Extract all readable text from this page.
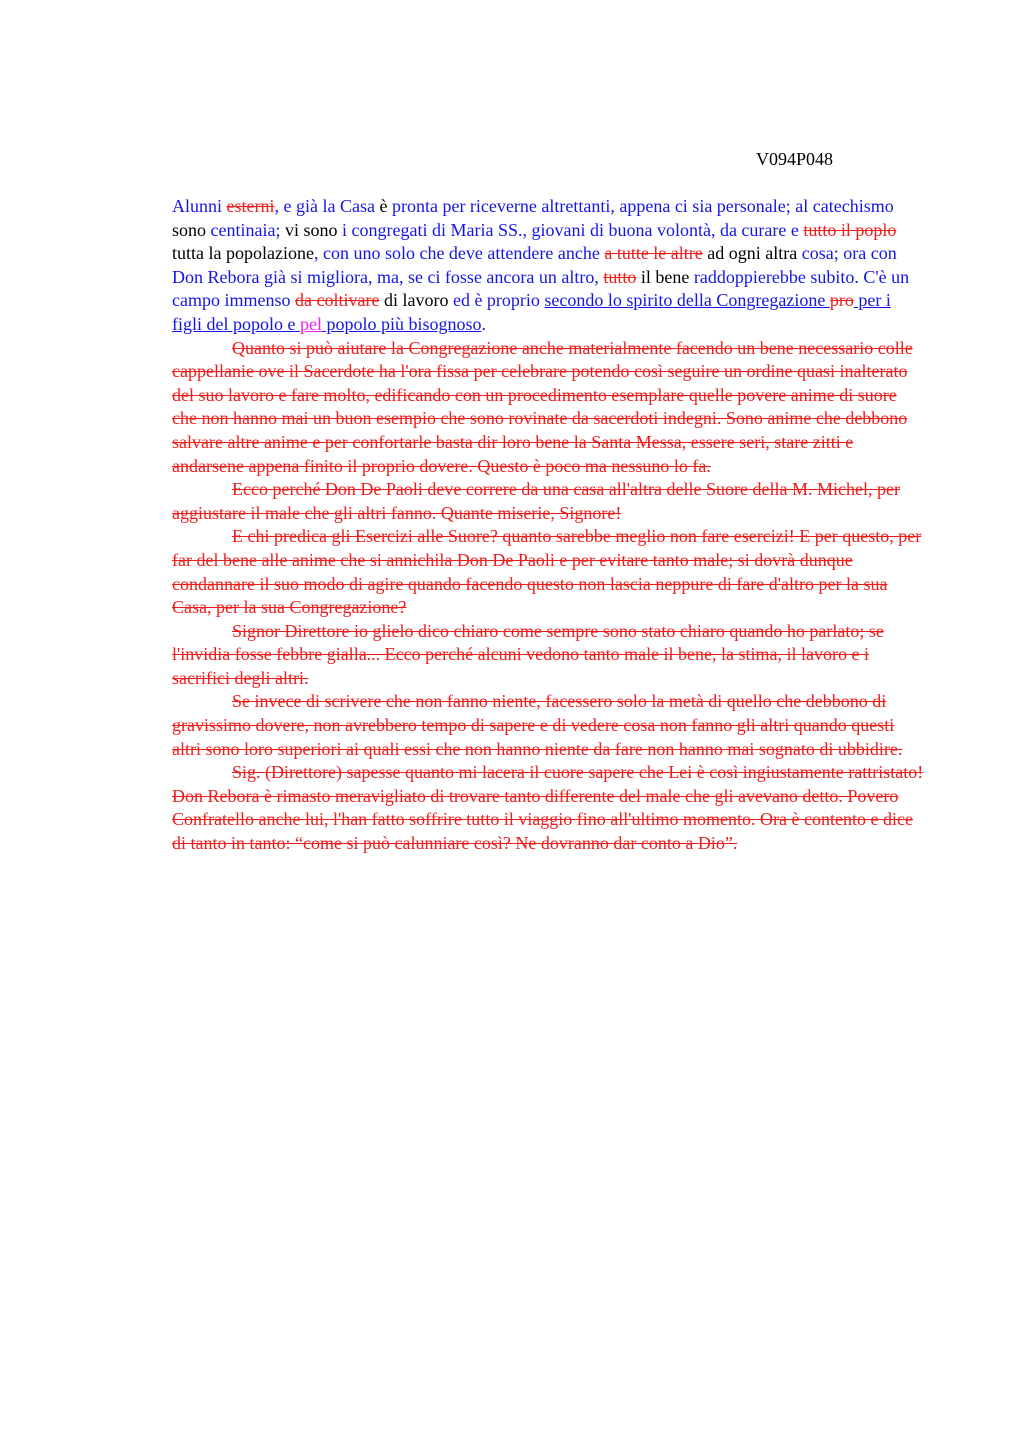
V094P048

Alunni esterni, e già la Casa è pronta per riceverne altrettanti, appena ci sia personale; al catechismo sono centinaia; vi sono i congregati di Maria SS., giovani di buona volontà, da curare e tutto il poplo tutta la popolazione, con uno solo che deve attendere anche a tutte le altre ad ogni altra cosa; ora con Don Rebora già si migliora, ma, se ci fosse ancora un altro, tutto il bene raddoppierebbe subito. C'è un campo immenso da coltivare di lavoro ed è proprio secondo lo spirito della Congregazione pro per i figli del popolo e pel popolo più bisognoso.

Quanto si può aiutare la Congregazione anche materialmente facendo un bene necessario colle cappellanie ove il Sacerdote ha l'ora fissa per celebrare potendo così seguire un ordine quasi inalterato del suo lavoro e fare molto, edificando con un procedimento esemplare quelle povere anime di suore che non hanno mai un buon esempio che sono rovinate da sacerdoti indegni. Sono anime che debbono salvare altre anime e per confortarle basta dir loro bene la Santa Messa, essere seri, stare zitti e andarsene appena finito il proprio dovere. Questo è poco ma nessuno lo fa.

Ecco perché Don De Paoli deve correre da una casa all'altra delle Suore della M. Michel, per aggiustare il male che gli altri fanno. Quante miserie, Signore!

E chi predica gli Esercizi alle Suore? quanto sarebbe meglio non fare esercizi! E per questo, per far del bene alle anime che si annichila Don De Paoli e per evitare tanto male; si dovrà dunque condannare il suo modo di agire quando facendo questo non lascia neppure di fare d'altro per la sua Casa, per la sua Congregazione?

Signor Direttore io glielo dico chiaro come sempre sono stato chiaro quando ho parlato; se l'invidia fosse febbre gialla... Ecco perché alcuni vedono tanto male il bene, la stima, il lavoro e i sacrifici degli altri.

Se invece di scrivere che non fanno niente, facessero solo la metà di quello che debbono di gravissimo dovere, non avrebbero tempo di sapere e di vedere cosa non fanno gli altri quando questi altri sono loro superiori ai quali essi che non hanno niente da fare non hanno mai sognato di ubbidire.

Sig. (Direttore) sapesse quanto mi lacera il cuore sapere che Lei è così ingiustamente rattristato! Don Rebora è rimasto meravigliato di trovare tanto differente del male che gli avevano detto. Povero Confratello anche lui, l'han fatto soffrire tutto il viaggio fino all'ultimo momento. Ora è contento e dice di tanto in tanto: “come si può calunniare così? Ne dovranno dar conto a Dio”.
